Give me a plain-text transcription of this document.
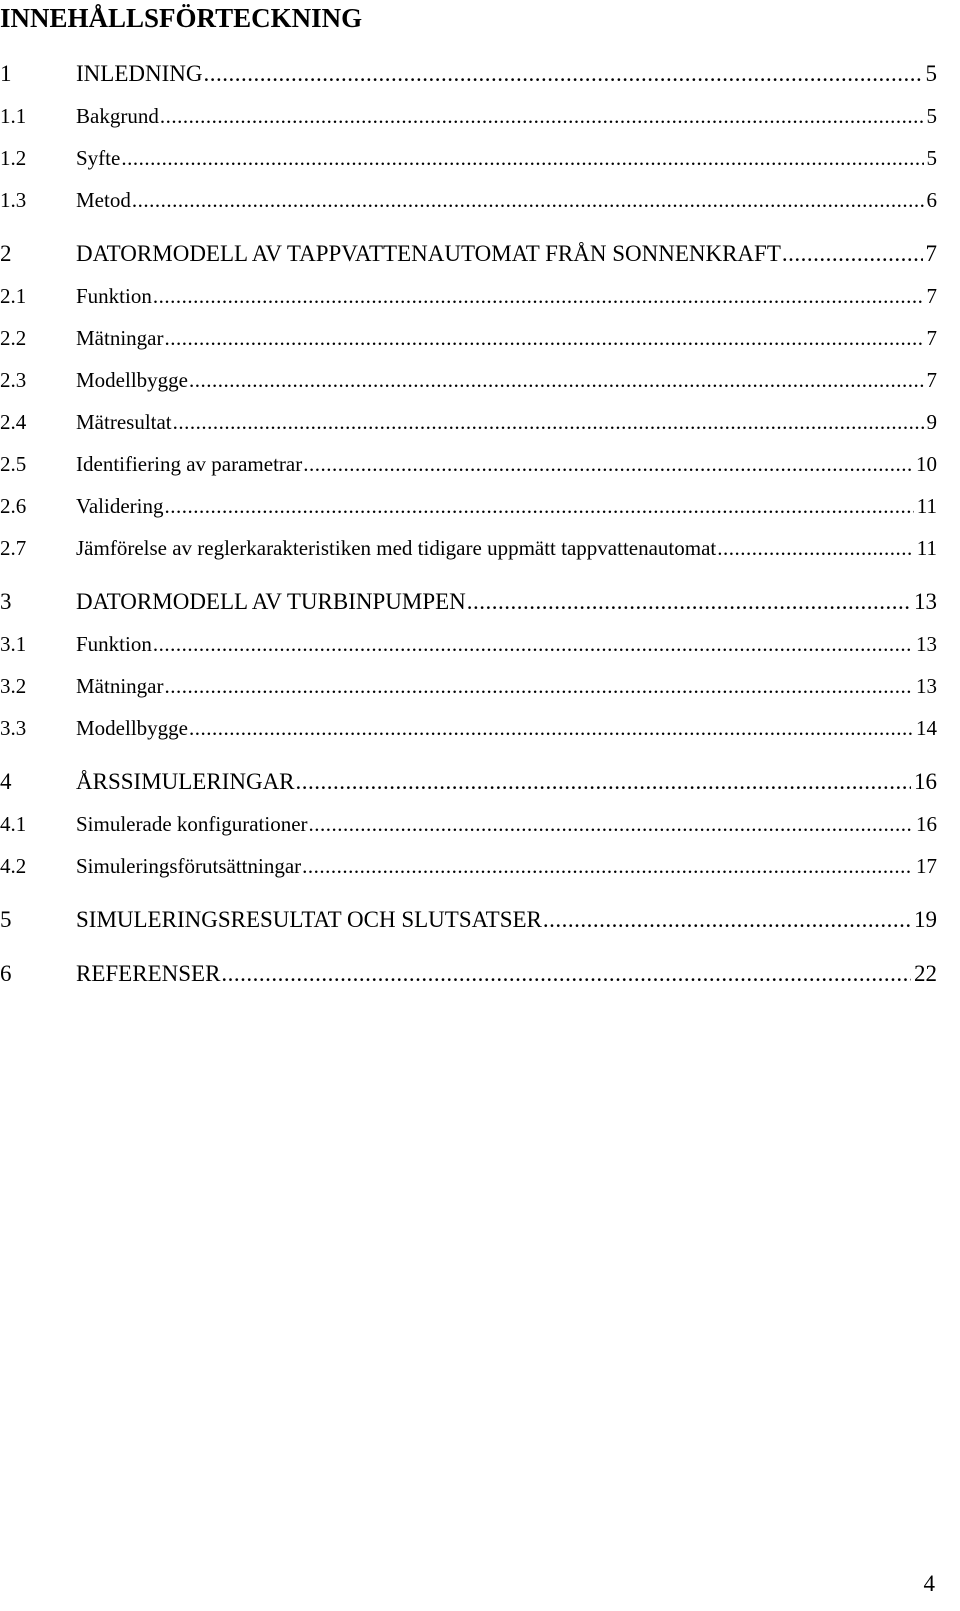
INNEHÅLLSFÖRTECKNING
1	INLEDNING .....	5
1.1	Bakgrund .....	5
1.2	Syfte .....	5
1.3	Metod .....	6
2	DATORMODELL AV TAPPVATTENAUTOMAT FRÅN SONNENKRAFT .....	7
2.1	Funktion .....	7
2.2	Mätningar .....	7
2.3	Modellbygge .....	7
2.4	Mätresultat .....	9
2.5	Identifiering av parametrar .....	10
2.6	Validering .....	11
2.7	Jämförelse av reglerkarakteristiken med tidigare uppmätt tappvattenautomat .....	11
3	DATORMODELL AV TURBINPUMPEN .....	13
3.1	Funktion .....	13
3.2	Mätningar .....	13
3.3	Modellbygge .....	14
4	ÅRSSIMULERINGAR .....	16
4.1	Simulerade konfigurationer .....	16
4.2	Simuleringsförutsättningar .....	17
5	SIMULERINGSRESULTAT OCH SLUTSATSER .....	19
6	REFERENSER .....	22
4
